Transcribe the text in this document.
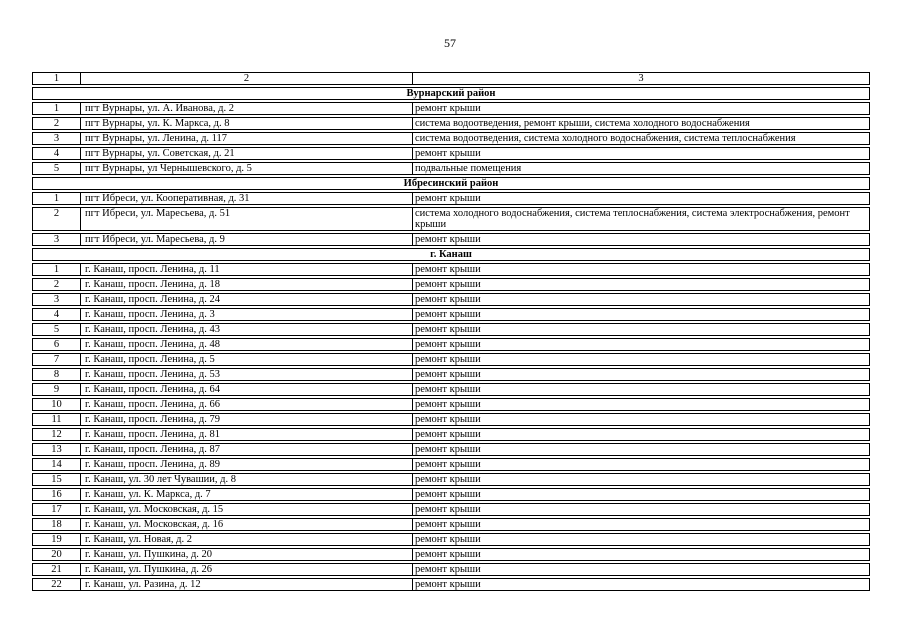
57
1	2	3
Вурнарский район		
1	пгт Вурнары, ул. А. Иванова, д. 2	ремонт крыши
2	пгт Вурнары, ул. К. Маркса, д. 8	система водоотведения, ремонт крыши, система холодного водоснабжения
3	пгт Вурнары, ул. Ленина, д. 117	система водоотведения, система холодного водоснабжения, система теплоснабжения
4	пгт Вурнары, ул. Советская, д. 21	ремонт крыши
5	пгт Вурнары, ул Чернышевского, д. 5	подвальные помещения
Ибресинский район		
1	пгт Ибреси, ул. Кооперативная, д. 31	ремонт крыши
2	пгт Ибреси, ул. Маресьева, д. 51	система холодного водоснабжения, система теплоснабжения, система электроснабжения, ремонт крыши
3	пгт Ибреси, ул. Маресьева, д. 9	ремонт крыши
г. Канаш		
1	г. Канаш, просп. Ленина, д. 11	ремонт крыши
2	г. Канаш, просп. Ленина, д. 18	ремонт крыши
3	г. Канаш, просп. Ленина, д. 24	ремонт крыши
4	г. Канаш, просп. Ленина, д. 3	ремонт крыши
5	г. Канаш, просп. Ленина, д. 43	ремонт крыши
6	г. Канаш, просп. Ленина, д. 48	ремонт крыши
7	г. Канаш, просп. Ленина, д. 5	ремонт крыши
8	г. Канаш, просп. Ленина, д. 53	ремонт крыши
9	г. Канаш, просп. Ленина, д. 64	ремонт крыши
10	г. Канаш, просп. Ленина, д. 66	ремонт крыши
11	г. Канаш, просп. Ленина, д. 79	ремонт крыши
12	г. Канаш, просп. Ленина, д. 81	ремонт крыши
13	г. Канаш, просп. Ленина, д. 87	ремонт крыши
14	г. Канаш, просп. Ленина, д. 89	ремонт крыши
15	г. Канаш, ул. 30 лет Чувашии, д. 8	ремонт крыши
16	г. Канаш, ул. К. Маркса, д. 7	ремонт крыши
17	г. Канаш, ул. Московская, д. 15	ремонт крыши
18	г. Канаш, ул. Московская, д. 16	ремонт крыши
19	г. Канаш, ул. Новая, д. 2	ремонт крыши
20	г. Канаш, ул. Пушкина, д. 20	ремонт крыши
21	г. Канаш, ул. Пушкина, д. 26	ремонт крыши
22	г. Канаш, ул. Разина, д. 12	ремонт крыши
